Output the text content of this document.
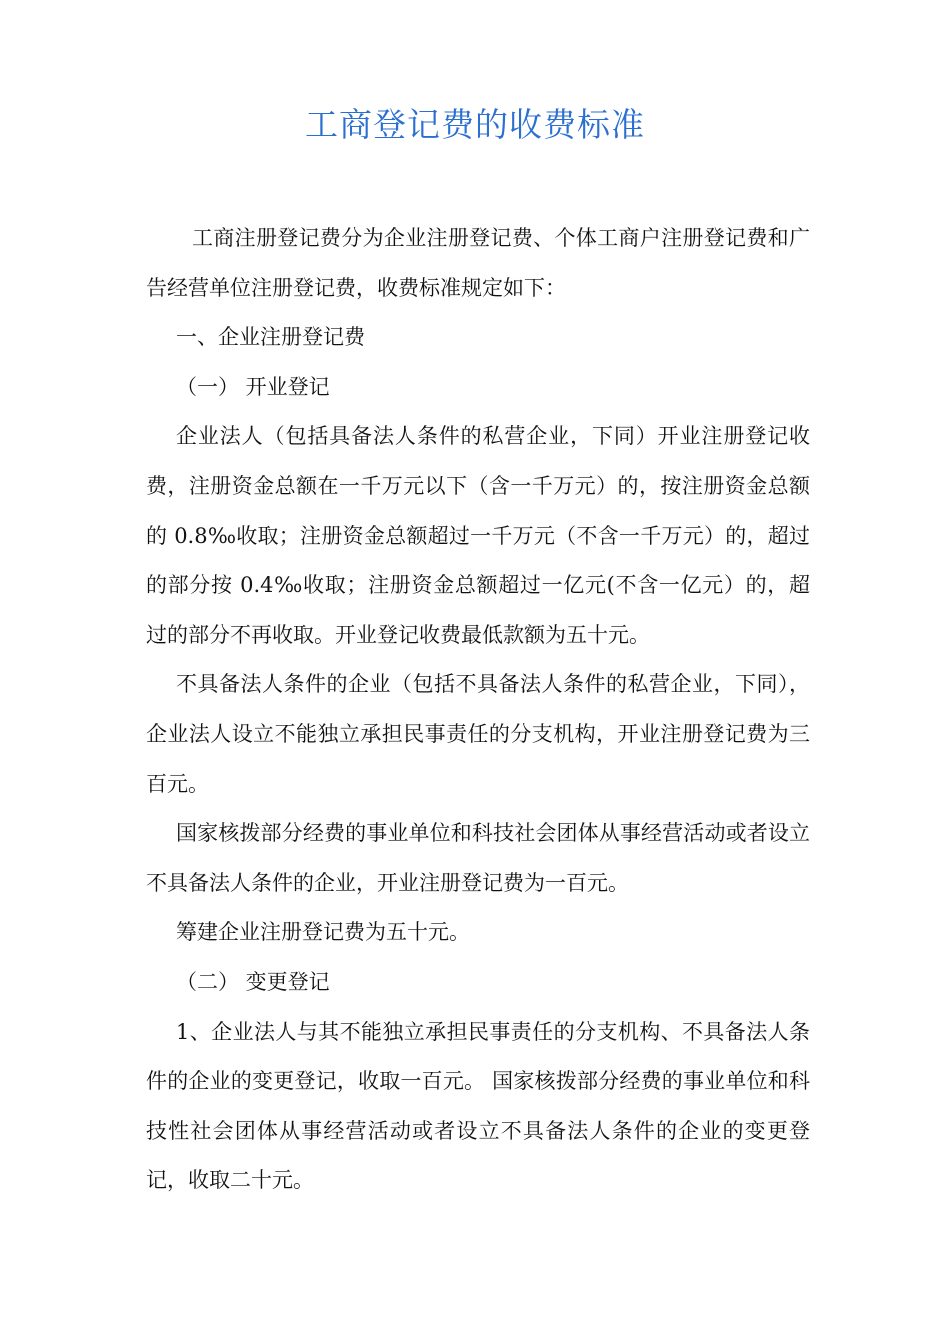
工商登记费的收费标准

工商注册登记费分为企业注册登记费、个体工商户注册登记费和广告经营单位注册登记费，收费标准规定如下：

一、企业注册登记费

（一） 开业登记

企业法人（包括具备法人条件的私营企业，下同）开业注册登记收费，注册资金总额在一千万元以下（含一千万元）的，按注册资金总额的 0.8‰收取；注册资金总额超过一千万元（不含一千万元）的，超过的部分按 0.4‰收取；注册资金总额超过一亿元(不含一亿元）的，超过的部分不再收取。开业登记收费最低款额为五十元。

不具备法人条件的企业（包括不具备法人条件的私营企业，下同），企业法人设立不能独立承担民事责任的分支机构，开业注册登记费为三百元。

国家核拨部分经费的事业单位和科技社会团体从事经营活动或者设立不具备法人条件的企业，开业注册登记费为一百元。

筹建企业注册登记费为五十元。

（二） 变更登记

1、企业法人与其不能独立承担民事责任的分支机构、不具备法人条件的企业的变更登记，收取一百元。 国家核拨部分经费的事业单位和科技性社会团体从事经营活动或者设立不具备法人条件的企业的变更登记，收取二十元。
